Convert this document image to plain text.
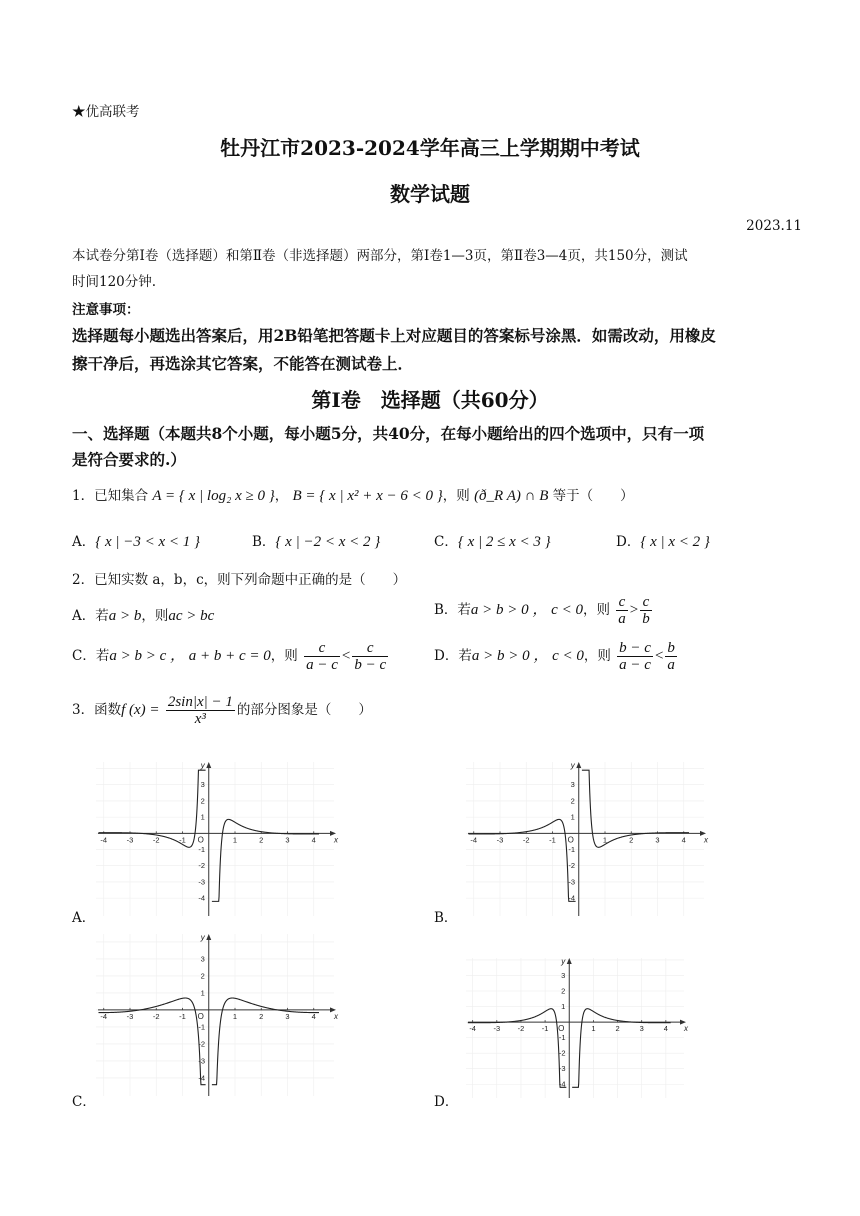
★优高联考
牡丹江市2023-2024学年高三上学期期中考试
数学试题
2023.11
本试卷分第Ⅰ卷（选择题）和第Ⅱ卷（非选择题）两部分，第Ⅰ卷1—3页，第Ⅱ卷3—4页，共150分，测试
时间120分钟.
注意事项：
选择题每小题选出答案后，用2B铅笔把答题卡上对应题目的答案标号涂黑．如需改动，用橡皮
擦干净后，再选涂其它答案，不能答在测试卷上．
第Ⅰ卷　选择题（共60分）
一、选择题（本题共8个小题，每小题5分，共40分，在每小题给出的四个选项中，只有一项
是符合要求的.）
1．已知集合 A = { x | log₂ x ≥ 0 }， B = { x | x² + x − 6 < 0 }，则 (ð_R A) ∩ B 等于（　　）
A．{ x | −3 < x < 1 }	B．{ x | −2 < x < 2 }	C．{ x | 2 ≤ x < 3 }	D．{ x | x < 2 }
2．已知实数 a，b，c，则下列命题中正确的是（　　）
A．若a > b，则ac > bc	B．若a > b > 0 ， c < 0，则 $\frac{c}{a} > \frac{c}{b}$
C．若a > b > c ， a + b + c = 0，则 $\frac{c}{a - c} < \frac{c}{b - c}$	D．若a > b > 0 ， c < 0，则 $\frac{b - c}{a - c} < \frac{b}{a}$
3．函数f $(x) = \frac{2\sin|x| - 1}{\text{x³}}$ 的部分图象是（　　）
-4	-3	-2	-1	1	2	3	4
1
2
3
-1
-2
-3
-4
O	x
y
A．
-4	-3	-2	-1	1	2	3	4
1
2
3
-1
-2
-3
-4
O	x
y
B．
-4	-3	-2	-1	1	2	3	4
1
2
3
-1
-2
-3
-4
O	x
y
C．
-4 -3 -2 -1	1	2	3	4
1
2
3
-1
-2
-3
-4
O	x
y
D．
